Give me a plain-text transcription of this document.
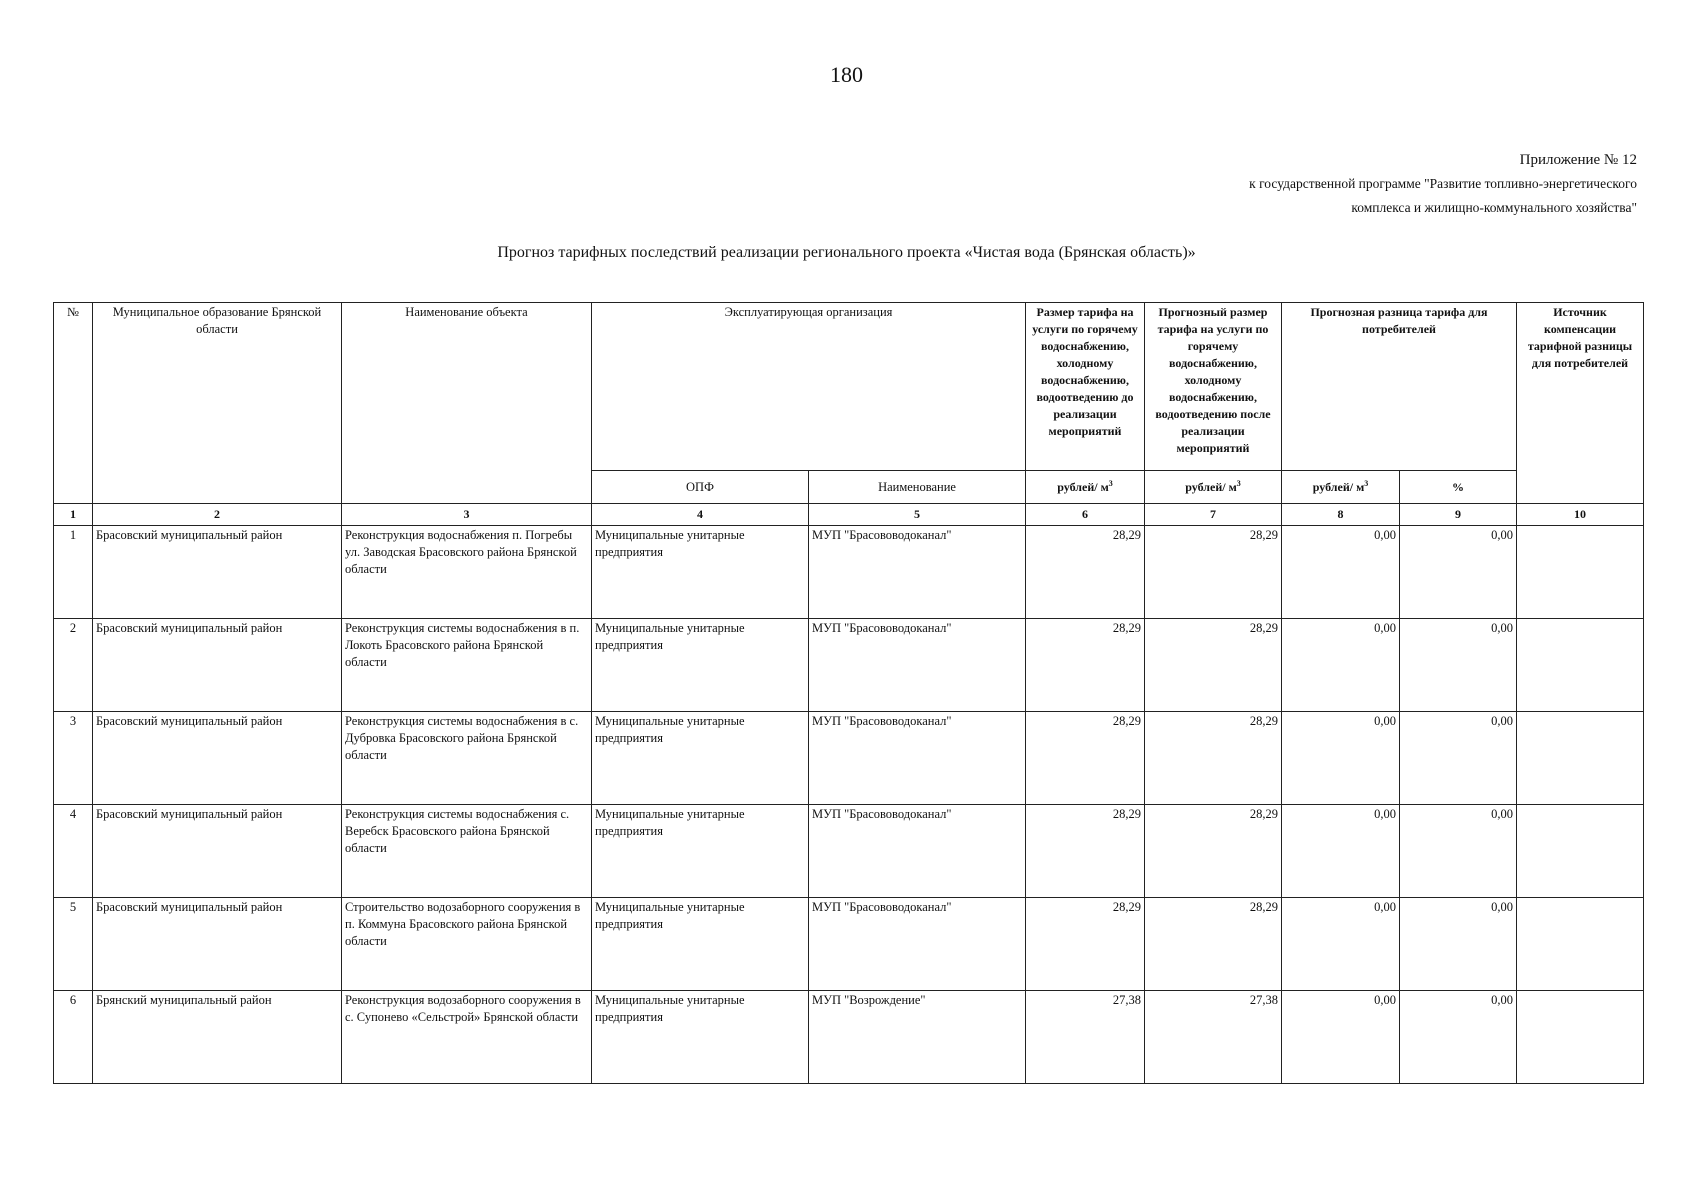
180
Приложение № 12
к государственной программе "Развитие топливно-энергетического
комплекса и жилищно-коммунального хозяйства"
Прогноз тарифных последствий реализации регионального проекта «Чистая вода (Брянская область)»
№	Муниципальное образование Брянской области	Наименование объекта	Эксплуатирующая организация		Размер тарифа на услуги по горячему водоснабжению, холодному водоснабжению, водоотведению до реализации мероприятий	Прогнозный размер тарифа на услуги по горячему водоснабжению, холодному водоснабжению, водоотведению после реализации мероприятий	Прогнозная разница тарифа для потребителей		Источник компенсации тарифной разницы для потребителей
			ОПФ	Наименование	рублей/ $м^3$	рублей/ $м^3$	рублей/ $м^3$	%	
1	2	3	4	5	6	7	8	9	10
1	Брасовский муниципальный район	Реконструкция водоснабжения п. Погребы ул. Заводская Брасовского района Брянской области	Муниципальные унитарные предприятия	МУП "Брасововодоканал"	28,29	28,29	0,00	0,00	
2	Брасовский муниципальный район	Реконструкция системы водоснабжения в п. Локоть Брасовского района Брянской области	Муниципальные унитарные предприятия	МУП "Брасововодоканал"	28,29	28,29	0,00	0,00	
3	Брасовский муниципальный район	Реконструкция системы водоснабжения в с. Дубровка Брасовского района Брянской области	Муниципальные унитарные предприятия	МУП "Брасововодоканал"	28,29	28,29	0,00	0,00	
4	Брасовский муниципальный район	Реконструкция системы водоснабжения с. Веребск Брасовского района Брянской области	Муниципальные унитарные предприятия	МУП "Брасововодоканал"	28,29	28,29	0,00	0,00	
5	Брасовский муниципальный район	Строительство водозаборного сооружения в п. Коммуна Брасовского района Брянской области	Муниципальные унитарные предприятия	МУП "Брасововодоканал"	28,29	28,29	0,00	0,00	
6	Брянский муниципальный район	Реконструкция водозаборного сооружения в с. Супонево «Сельстрой» Брянской области	Муниципальные унитарные предприятия	МУП "Возрождение"	27,38	27,38	0,00	0,00	
